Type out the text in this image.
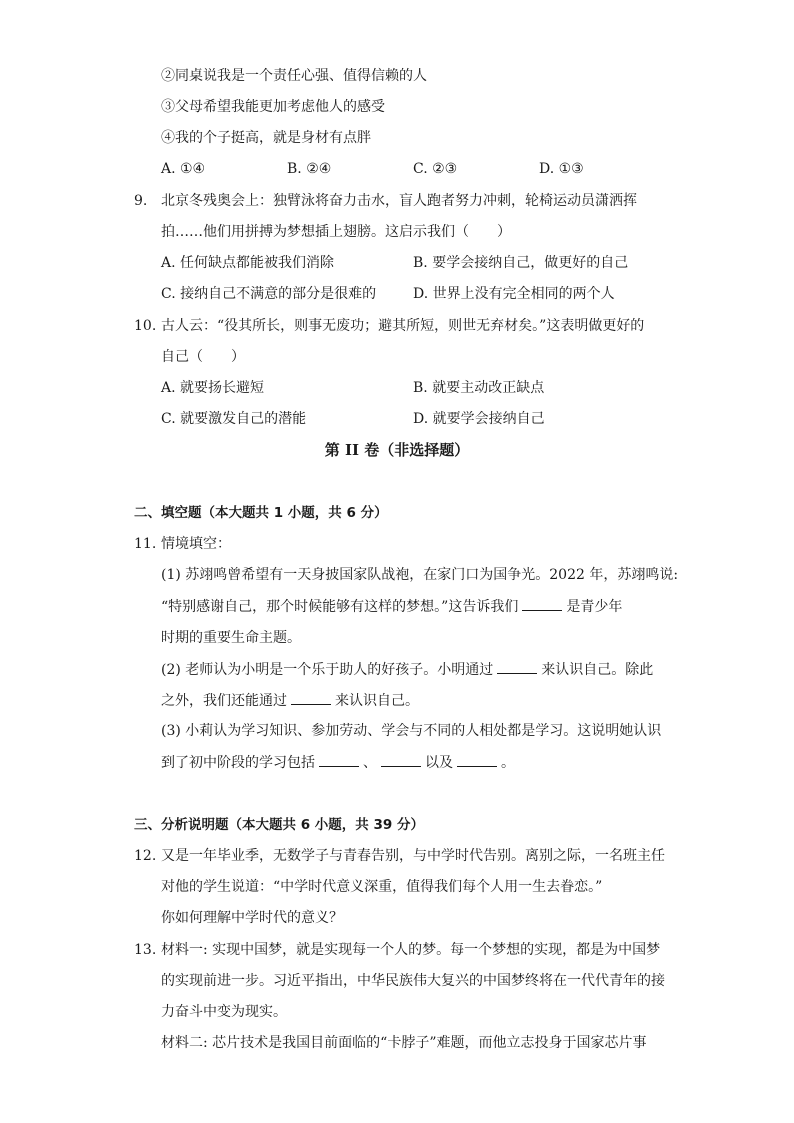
②同桌说我是一个责任心强、值得信赖的人
③父母希望我能更加考虑他人的感受
④我的个子挺高，就是身材有点胖
A. ①④	B. ②④	C. ②③	D. ①③
9. 北京冬残奥会上：独臂泳将奋力击水，盲人跑者努力冲刺，轮椅运动员潇洒挥
拍……他们用拼搏为梦想插上翅膀。这启示我们（　　）
A. 任何缺点都能被我们消除	B. 要学会接纳自己，做更好的自己
C. 接纳自己不满意的部分是很难的	D. 世界上没有完全相同的两个人
10. 古人云：“役其所长，则事无废功；避其所短，则世无弃材矣。”这表明做更好的
自己（　　）
A. 就要扬长避短	B. 就要主动改正缺点
C. 就要激发自己的潜能	D. 就要学会接纳自己
第 II 卷（非选择题）
二、填空题（本大题共 1 小题，共 6 分）
11. 情境填空：
(1) 苏翊鸣曾希望有一天身披国家队战袍，在家门口为国争光。2022 年，苏翊鸣说:
“特别感谢自己，那个时候能够有这样的梦想。”这告诉我们	是青少年
时期的重要生命主题。
(2) 老师认为小明是一个乐于助人的好孩子。小明通过	来认识自己。除此
之外，我们还能通过	来认识自己。
(3) 小莉认为学习知识、参加劳动、学会与不同的人相处都是学习。这说明她认识
到了初中阶段的学习包括	、	以及	。
三、分析说明题（本大题共 6 小题，共 39 分）
12. 又是一年毕业季，无数学子与青春告别，与中学时代告别。离别之际，一名班主任
对他的学生说道：“中学时代意义深重，值得我们每个人用一生去眷恋。”
你如何理解中学时代的意义？
13. 材料一: 实现中国梦，就是实现每一个人的梦。每一个梦想的实现，都是为中国梦
的实现前进一步。习近平指出，中华民族伟大复兴的中国梦终将在一代代青年的接
力奋斗中变为现实。
材料二: 芯片技术是我国目前面临的“卡脖子”难题，而他立志投身于国家芯片事
